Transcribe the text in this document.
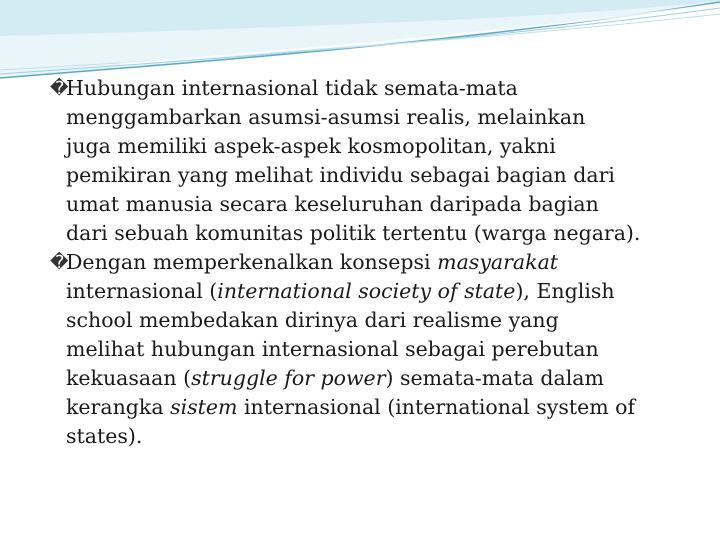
�
Hubungan internasional tidak semata-mata
menggambarkan asumsi-asumsi realis, melainkan
juga memiliki aspek-aspek kosmopolitan, yakni
pemikiran yang melihat individu sebagai bagian dari
umat manusia secara keseluruhan daripada bagian
dari sebuah komunitas politik tertentu (warga negara).

�
Dengan memperkenalkan konsepsi masyarakat
internasional (international society of state), English
school membedakan dirinya dari realisme yang
melihat hubungan internasional sebagai perebutan
kekuasaan (struggle for power) semata-mata dalam
kerangka sistem internasional (international system of
states).
